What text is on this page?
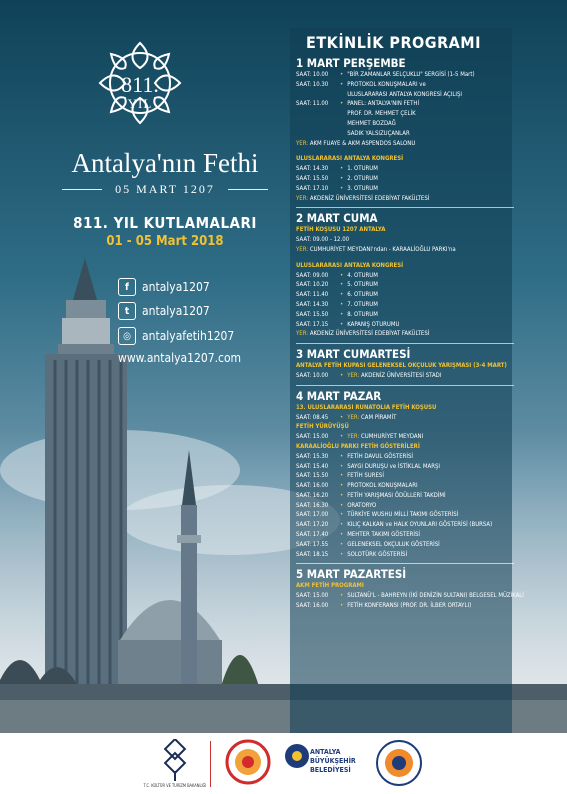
811.
YIL
Antalya'nın Fethi
05 MART 1207
811. YIL KUTLAMALARI
01 - 05 Mart 2018
f	antalya1207
t	antalya1207
◎ antalyafetih1207
www.antalya1207.com
ETKİNLİK PROGRAMI
1 MART PERŞEMBE
SAAT: 10.00	• "BİR ZAMANLAR SELÇUKLU" SERGİSİ (1-5 Mart)
SAAT: 10.30	• PROTOKOL KONUŞMALARI ve
ULUSLARARASI ANTALYA KONGRESİ AÇILIŞI
SAAT: 11.00	• PANEL: ANTALYA'NIN FETHİ
PROF. DR. MEHMET ÇELİK
MEHMET BOZDAĞ
SADIK YALSIZUÇANLAR
YER:
AKM FUAYE & AKM ASPENDOS SALONU
ULUSLARARASI ANTALYA KONGRESİ
SAAT: 14.30	• 1. OTURUM
SAAT: 15.50	• 2. OTURUM
SAAT: 17.10	• 3. OTURUM
YER:
AKDENİZ ÜNİVERSİTESİ EDEBİYAT FAKÜLTESİ
2 MART CUMA
FETİH KOŞUSU 1207 ANTALYA
SAAT: 09.00 - 12.00
YER:
CUMHURİYET MEYDANI'ndan - KARAALİOĞLU PARKI'na
ULUSLARARASI ANTALYA KONGRESİ
SAAT: 09.00	• 4. OTURUM
SAAT: 10.20	• 5. OTURUM
SAAT: 11.40	• 6. OTURUM
SAAT: 14.30	• 7. OTURUM
SAAT: 15.50	• 8. OTURUM
SAAT: 17.15	• KAPANIŞ OTURUMU
YER:
AKDENİZ ÜNİVERSİTESİ EDEBİYAT FAKÜLTESİ
3 MART CUMARTESİ
ANTALYA FETİH KUPASI GELENEKSEL OKÇULUK YARIŞMASI (3-4 MART)
SAAT: 10.00	• YER:
AKDENİZ ÜNİVERSİTESİ STADI
4 MART PAZAR
13. ULUSLARARASI RUNATOLIA FETİH KOŞUSU
SAAT: 08.45	• YER:
CAM PİRAMİT
FETİH YÜRÜYÜŞÜ
SAAT: 15.00	• YER:
CUMHURİYET MEYDANI
KARAALİOĞLU PARKI FETİH GÖSTERİLERİ
SAAT: 15.30	• FETİH DAVUL GÖSTERİSİ
SAAT: 15.40	• SAYGI DURUŞU ve İSTİKLAL MARŞI
SAAT: 15.50	• FETİH SURESİ
SAAT: 16.00	• PROTOKOL KONUŞMALARI
SAAT: 16.20	• FETİH YARIŞMASI ÖDÜLLERİ TAKDİMİ
SAAT: 16.30	• ORATORYO
SAAT: 17.00	• TÜRKİYE WUSHU MİLLİ TAKIMI GÖSTERİSİ
SAAT: 17.20	• KILIÇ KALKAN ve HALK OYUNLARI GÖSTERİSİ (BURSA)
SAAT: 17.40	• MEHTER TAKIMI GÖSTERİSİ
SAAT: 17.55	• GELENEKSEL OKÇULUK GÖSTERİSİ
SAAT: 18.15	• SOLOTÜRK GÖSTERİSİ
5 MART PAZARTESİ
AKM FETİH PROGRAMI
SAAT: 15.00	• SULTANÜ'L - BAHREYN (İKİ DENİZİN SULTANI) BELGESEL MÜZİKALİ
SAAT: 16.00	• FETİH KONFERANSI (PROF. DR. İLBER ORTAYLI)
T.C. KÜLTÜR VE TURİZM BAKANLIĞI
ANTALYA
BÜYÜKŞEHİR
BELEDİYESİ
